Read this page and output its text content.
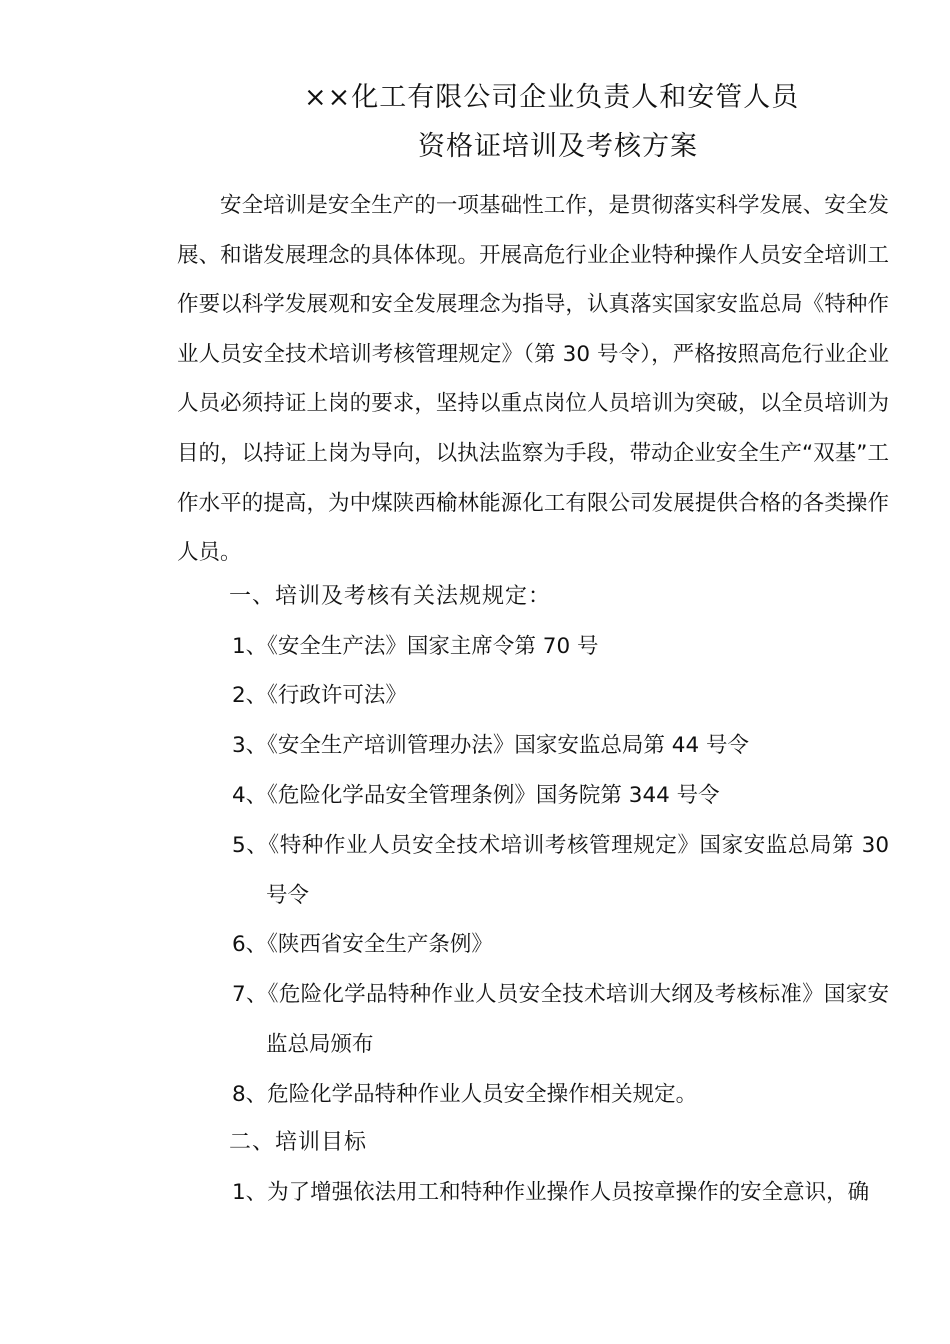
××化工有限公司企业负责人和安管人员
资格证培训及考核方案

安全培训是安全生产的一项基础性工作，是贯彻落实科学发展、安全发展、和谐发展理念的具体体现。开展高危行业企业特种操作人员安全培训工作要以科学发展观和安全发展理念为指导，认真落实国家安监总局《特种作业人员安全技术培训考核管理规定》（第 30 号令），严格按照高危行业企业人员必须持证上岗的要求，坚持以重点岗位人员培训为突破，以全员培训为目的，以持证上岗为导向，以执法监察为手段，带动企业安全生产“双基”工作水平的提高，为中煤陕西榆林能源化工有限公司发展提供合格的各类操作人员。

一、培训及考核有关法规规定：

1、《安全生产法》国家主席令第 70 号

2、《行政许可法》

3、《安全生产培训管理办法》国家安监总局第 44 号令

4、《危险化学品安全管理条例》国务院第 344 号令

5、《特种作业人员安全技术培训考核管理规定》国家安监总局第 30 号令

6、《陕西省安全生产条例》

7、《危险化学品特种作业人员安全技术培训大纲及考核标准》国家安监总局颁布

8、危险化学品特种作业人员安全操作相关规定。

二、培训目标

1、为了增强依法用工和特种作业操作人员按章操作的安全意识，确
